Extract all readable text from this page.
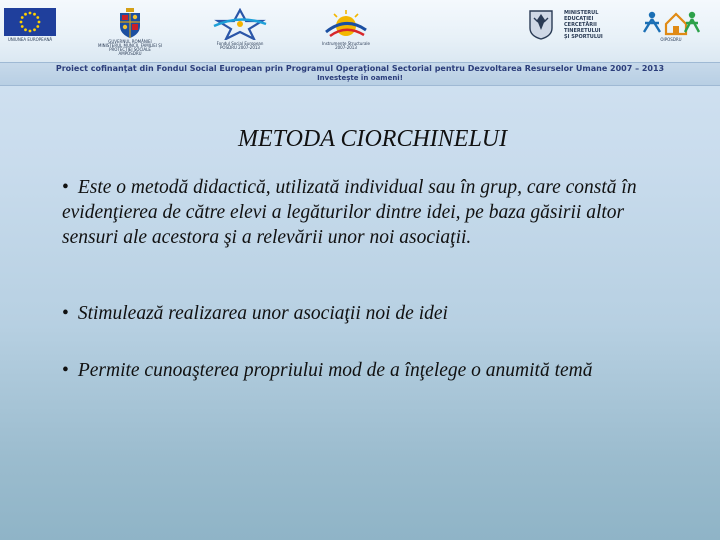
UNIUNEA EUROPEANĂ	GUVERNUL ROMÂNIEI
MINISTERUL MUNCII, FAMILIEI ȘI
PROTECȚIEI SOCIALE
AMPOSDRU
Fondul Social European
POSDRU 2007-2013
Instrumente Structurale
2007-2013
MINISTERUL
EDUCAȚIEI
CERCETĂRII
TINERETULUI
ȘI SPORTULUI	OIPOSDRU
Proiect cofinanţat din Fondul Social European prin Programul Operaţional Sectorial pentru Dezvoltarea Resurselor Umane 2007 – 2013
Investeşte în oameni!
METODA CIORCHINELUI

• Este o metodă didactică, utilizată individual sau în grup, care constă în evidenţierea de către elevi a legăturilor dintre idei, pe baza găsirii altor sensuri ale acestora şi a relevării unor noi asociaţii.

• Stimulează realizarea unor asociaţii noi de idei

• Permite cunoaşterea propriului mod de a înţelege o anumită temă
